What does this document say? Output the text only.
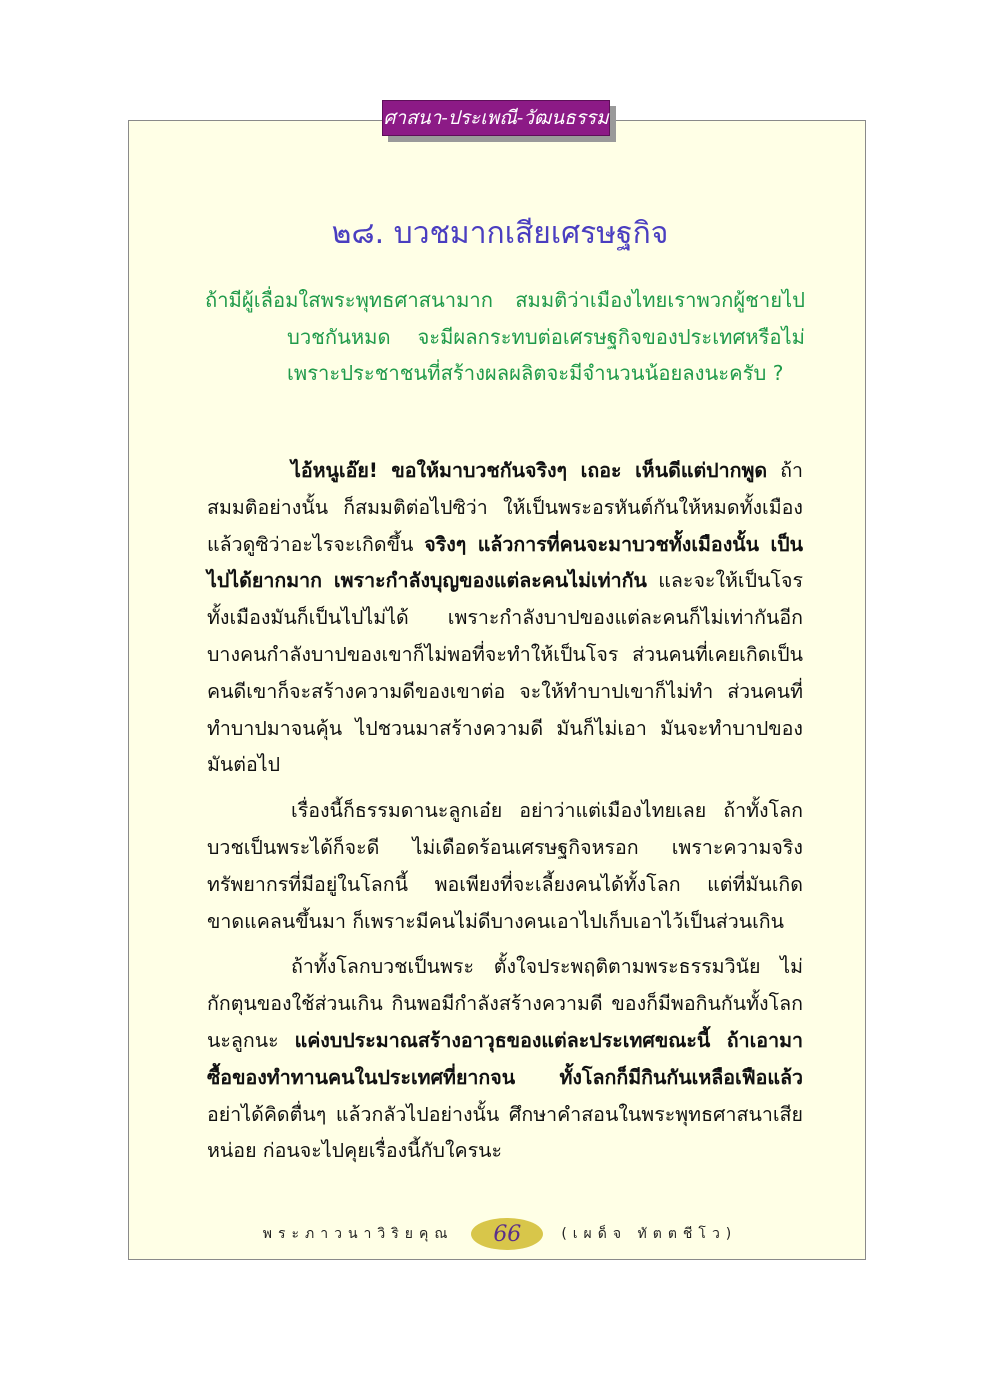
ศาสนา-ประเพณี-วัฒนธรรม
๒๘. บวชมากเสียเศรษฐกิจ

ถ้ามีผู้เลื่อมใสพระพุทธศาสนามาก สมมติว่าเมืองไทยเราพวกผู้ชายไปบวชกันหมด จะมีผลกระทบต่อเศรษฐกิจของประเทศหรือไม่ เพราะประชาชนที่สร้างผลผลิตจะมีจำนวนน้อยลงนะครับ ?

ไอ้หนูเอ๊ย! ขอให้มาบวชกันจริงๆ เถอะ เห็นดีแต่ปากพูด ถ้าสมมติอย่างนั้น ก็สมมติต่อไปซิว่า ให้เป็นพระอรหันต์กันให้หมดทั้งเมือง แล้วดูซิว่าอะไรจะเกิดขึ้น จริงๆ แล้วการที่คนจะมาบวชทั้งเมืองนั้น เป็นไปได้ยากมาก เพราะกำลังบุญของแต่ละคนไม่เท่ากัน และจะให้เป็นโจรทั้งเมืองมันก็เป็นไปไม่ได้ เพราะกำลังบาปของแต่ละคนก็ไม่เท่ากันอีก บางคนกำลังบาปของเขาก็ไม่พอที่จะทำให้เป็นโจร ส่วนคนที่เคยเกิดเป็นคนดีเขาก็จะสร้างความดีของเขาต่อ จะให้ทำบาปเขาก็ไม่ทำ ส่วนคนที่ทำบาปมาจนคุ้น ไปชวนมาสร้างความดี มันก็ไม่เอา มันจะทำบาปของมันต่อไป

เรื่องนี้ก็ธรรมดานะลูกเอ๋ย อย่าว่าแต่เมืองไทยเลย ถ้าทั้งโลกบวชเป็นพระได้ก็จะดี ไม่เดือดร้อนเศรษฐกิจหรอก เพราะความจริงทรัพยากรที่มีอยู่ในโลกนี้ พอเพียงที่จะเลี้ยงคนได้ทั้งโลก แต่ที่มันเกิดขาดแคลนขึ้นมา ก็เพราะมีคนไม่ดีบางคนเอาไปเก็บเอาไว้เป็นส่วนเกิน

ถ้าทั้งโลกบวชเป็นพระ ตั้งใจประพฤติตามพระธรรมวินัย ไม่กักตุนของใช้ส่วนเกิน กินพอมีกำลังสร้างความดี ของก็มีพอกินกันทั้งโลกนะลูกนะ แค่งบประมาณสร้างอาวุธของแต่ละประเทศขณะนี้ ถ้าเอามาซื้อของทำทานคนในประเทศที่ยากจน ทั้งโลกก็มีกินกันเหลือเฟือแล้ว อย่าได้คิดตื่นๆ แล้วกลัวไปอย่างนั้น ศึกษาคำสอนในพระพุทธศาสนาเสียหน่อย ก่อนจะไปคุยเรื่องนี้กับใครนะ

พระภาวนาวิริยคุณ	66	(เผด็จ ทัตตชีโว)
